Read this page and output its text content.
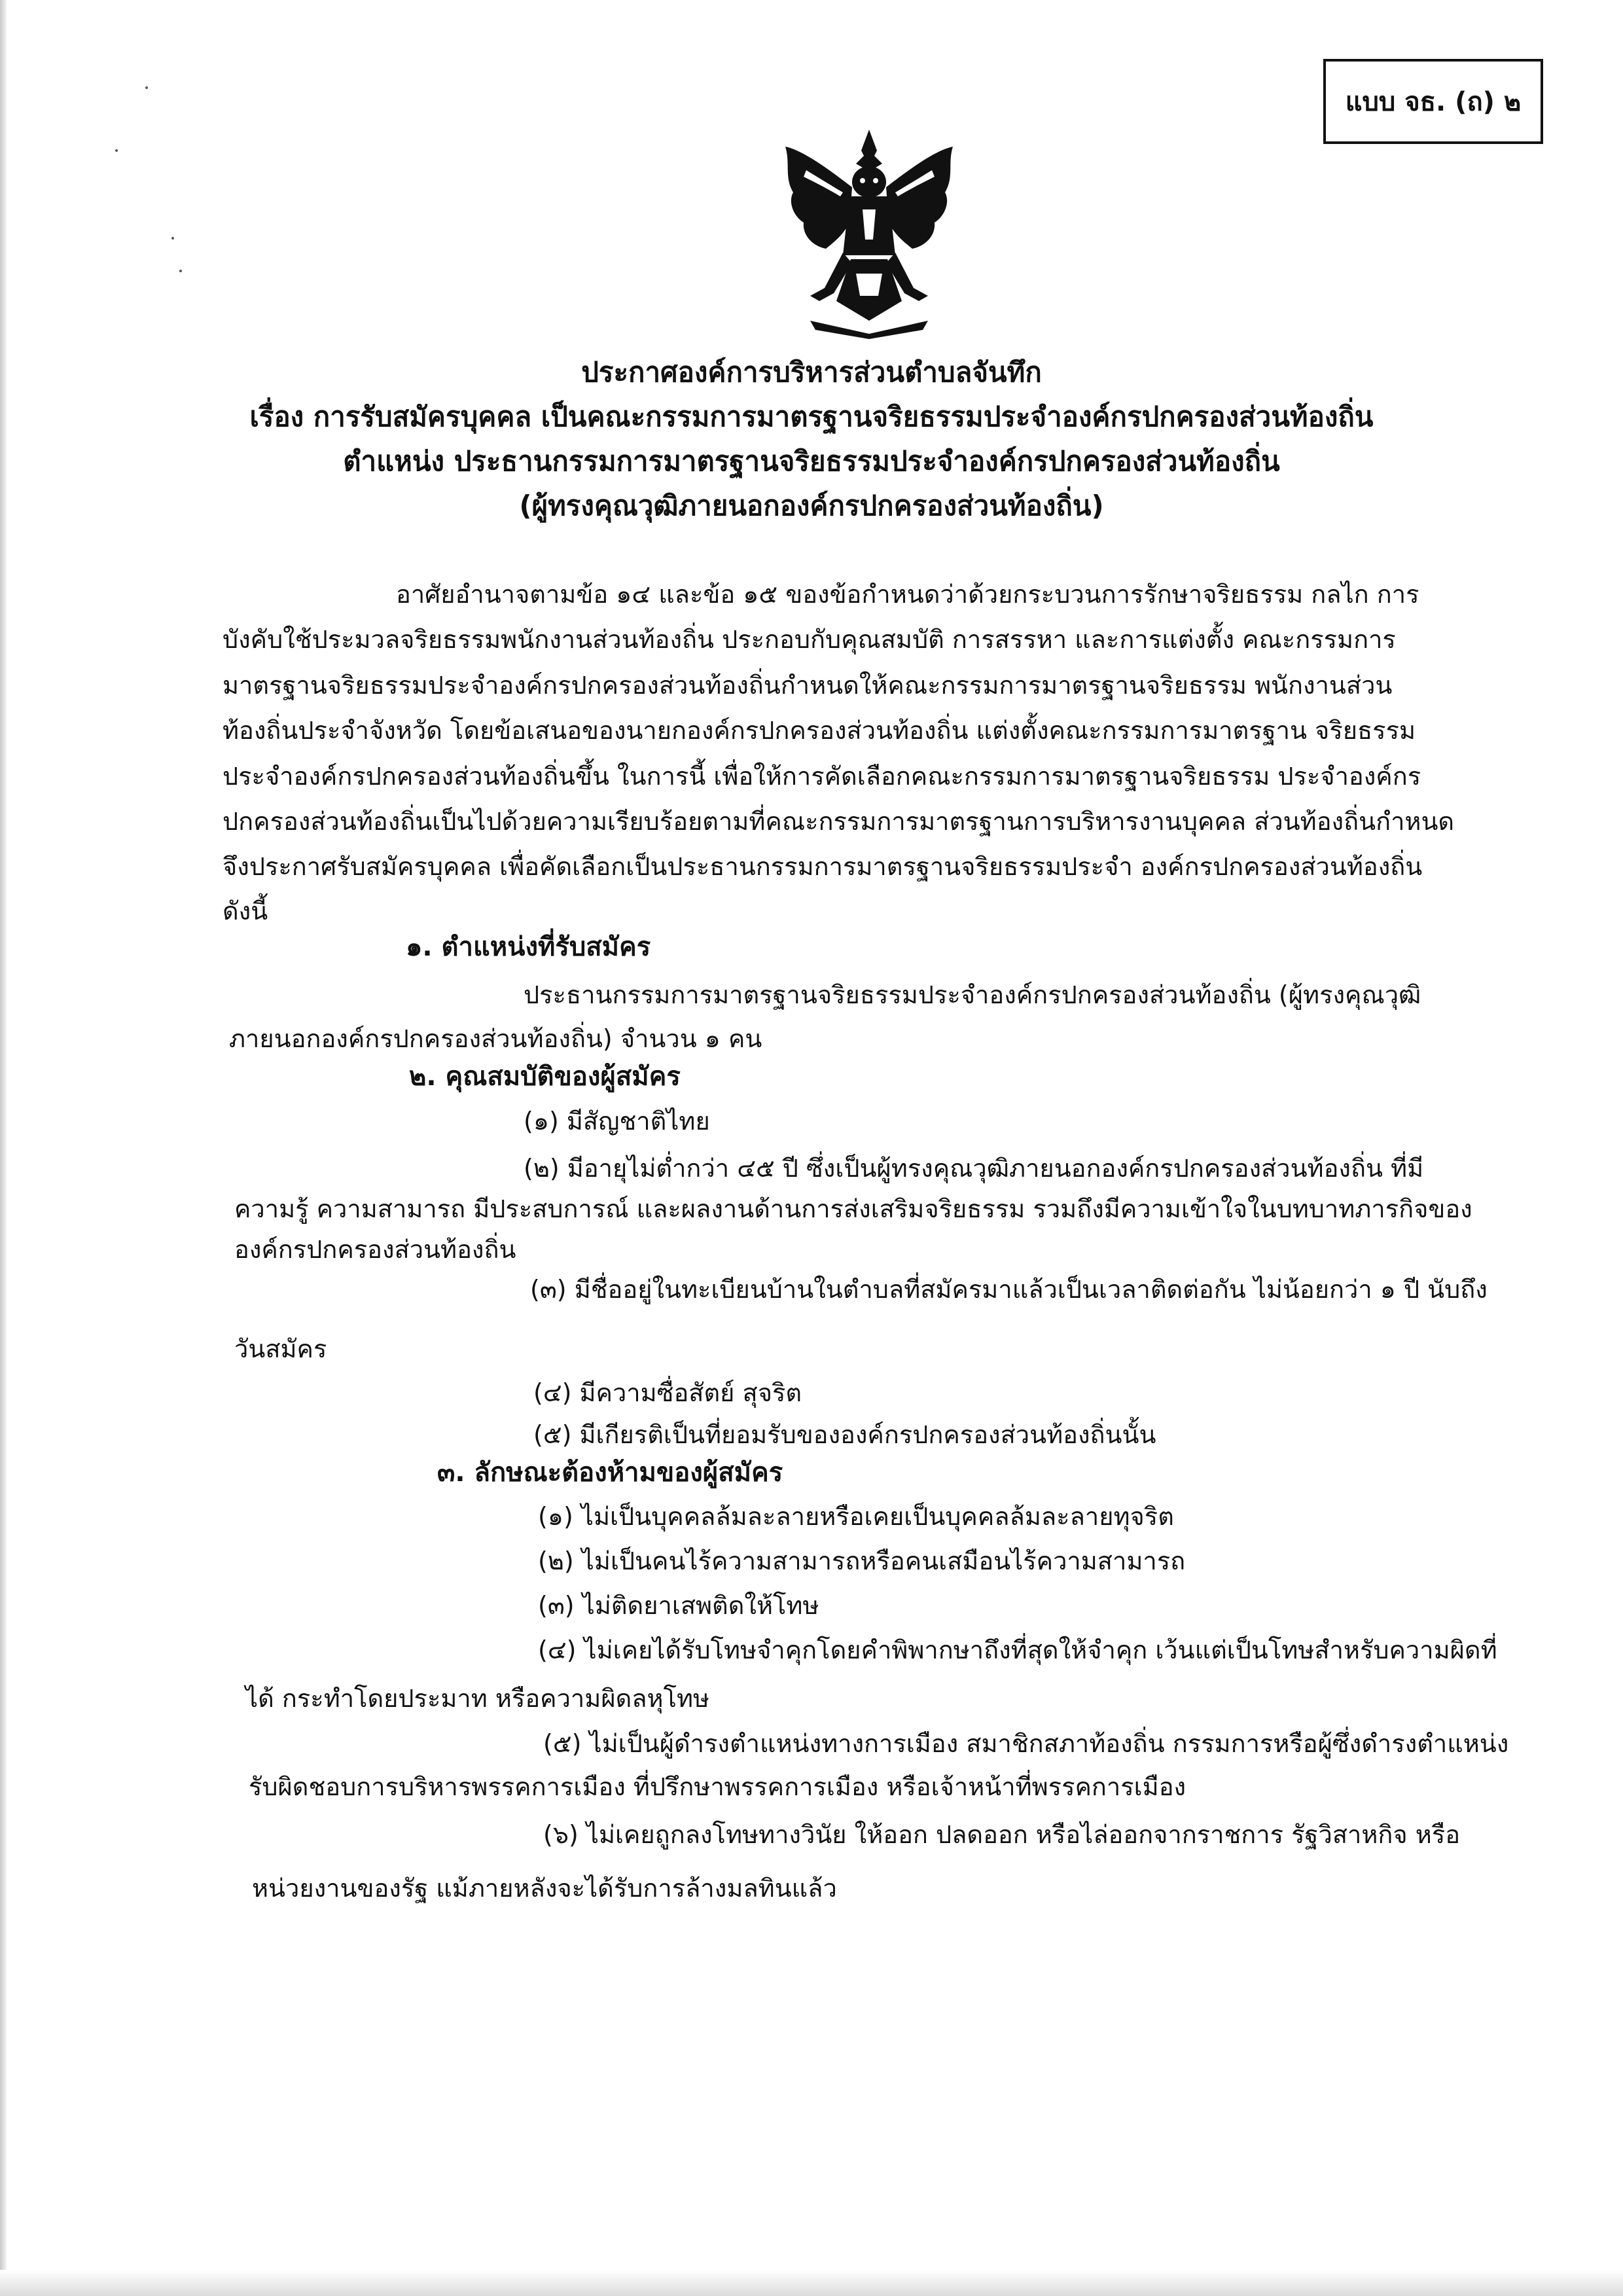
แบบ จธ. (ถ) ๒
ประกาศองค์การบริหารส่วนตำบลจันทึก
เรื่อง การรับสมัครบุคคล เป็นคณะกรรมการมาตรฐานจริยธรรมประจำองค์กรปกครองส่วนท้องถิ่น
ตำแหน่ง ประธานกรรมการมาตรฐานจริยธรรมประจำองค์กรปกครองส่วนท้องถิ่น
(ผู้ทรงคุณวุฒิภายนอกองค์กรปกครองส่วนท้องถิ่น)
อาศัยอำนาจตามข้อ ๑๔ และข้อ ๑๕ ของข้อกำหนดว่าด้วยกระบวนการรักษาจริยธรรม กลไก การ
บังคับใช้ประมวลจริยธรรมพนักงานส่วนท้องถิ่น ประกอบกับคุณสมบัติ การสรรหา และการแต่งตั้ง คณะกรรมการ
มาตรฐานจริยธรรมประจำองค์กรปกครองส่วนท้องถิ่นกำหนดให้คณะกรรมการมาตรฐานจริยธรรม พนักงานส่วน
ท้องถิ่นประจำจังหวัด โดยข้อเสนอของนายกองค์กรปกครองส่วนท้องถิ่น แต่งตั้งคณะกรรมการมาตรฐาน จริยธรรม
ประจำองค์กรปกครองส่วนท้องถิ่นขึ้น ในการนี้ เพื่อให้การคัดเลือกคณะกรรมการมาตรฐานจริยธรรม ประจำองค์กร
ปกครองส่วนท้องถิ่นเป็นไปด้วยความเรียบร้อยตามที่คณะกรรมการมาตรฐานการบริหารงานบุคคล ส่วนท้องถิ่นกำหนด
จึงประกาศรับสมัครบุคคล เพื่อคัดเลือกเป็นประธานกรรมการมาตรฐานจริยธรรมประจำ องค์กรปกครองส่วนท้องถิ่น
ดังนี้
๑. ตำแหน่งที่รับสมัคร
ประธานกรรมการมาตรฐานจริยธรรมประจำองค์กรปกครองส่วนท้องถิ่น (ผู้ทรงคุณวุฒิ
ภายนอกองค์กรปกครองส่วนท้องถิ่น) จำนวน ๑ คน
๒. คุณสมบัติของผู้สมัคร
(๑) มีสัญชาติไทย
(๒) มีอายุไม่ต่ำกว่า ๔๕ ปี ซึ่งเป็นผู้ทรงคุณวุฒิภายนอกองค์กรปกครองส่วนท้องถิ่น ที่มี
ความรู้ ความสามารถ มีประสบการณ์ และผลงานด้านการส่งเสริมจริยธรรม รวมถึงมีความเข้าใจในบทบาทภารกิจของ
องค์กรปกครองส่วนท้องถิ่น
(๓) มีชื่ออยู่ในทะเบียนบ้านในตำบลที่สมัครมาแล้วเป็นเวลาติดต่อกัน ไม่น้อยกว่า ๑ ปี นับถึง
วันสมัคร
(๔) มีความซื่อสัตย์ สุจริต
(๕) มีเกียรติเป็นที่ยอมรับขององค์กรปกครองส่วนท้องถิ่นนั้น
๓. ลักษณะต้องห้ามของผู้สมัคร
(๑) ไม่เป็นบุคคลล้มละลายหรือเคยเป็นบุคคลล้มละลายทุจริต
(๒) ไม่เป็นคนไร้ความสามารถหรือคนเสมือนไร้ความสามารถ
(๓) ไม่ติดยาเสพติดให้โทษ
(๔) ไม่เคยได้รับโทษจำคุกโดยคำพิพากษาถึงที่สุดให้จำคุก เว้นแต่เป็นโทษสำหรับความผิดที่
ได้ กระทำโดยประมาท หรือความผิดลหุโทษ
(๕) ไม่เป็นผู้ดำรงตำแหน่งทางการเมือง สมาชิกสภาท้องถิ่น กรรมการหรือผู้ซึ่งดำรงตำแหน่ง
รับผิดชอบการบริหารพรรคการเมือง ที่ปรึกษาพรรคการเมือง หรือเจ้าหน้าที่พรรคการเมือง
(๖) ไม่เคยถูกลงโทษทางวินัย ให้ออก ปลดออก หรือไล่ออกจากราชการ รัฐวิสาหกิจ หรือ
หน่วยงานของรัฐ แม้ภายหลังจะได้รับการล้างมลทินแล้ว
